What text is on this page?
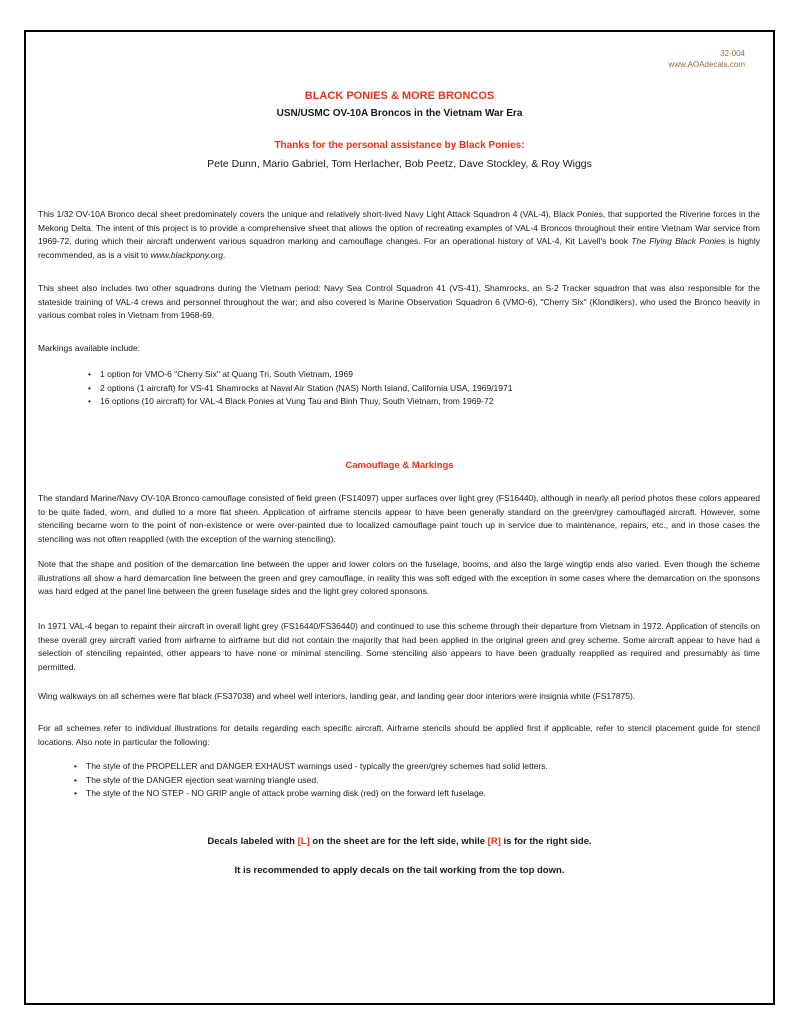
32-004
www.AOAdecals.com
BLACK PONIES & MORE BRONCOS
USN/USMC OV-10A Broncos in the Vietnam War Era
Thanks for the personal assistance by Black Ponies:
Pete Dunn, Mario Gabriel, Tom Herlacher, Bob Peetz, Dave Stockley, & Roy Wiggs

This 1/32 OV-10A Bronco decal sheet predominately covers the unique and relatively short-lived Navy Light Attack Squadron 4 (VAL-4), Black Ponies, that supported the Riverine forces in the Mekong Delta. The intent of this project is to provide a comprehensive sheet that allows the option of recreating examples of VAL-4 Broncos throughout their entire Vietnam War service from 1969-72, during which their aircraft underwent various squadron marking and camouflage changes. For an operational history of VAL-4, Kit Lavell's book The Flying Black Ponies is highly recommended, as is a visit to www.blackpony.org.

This sheet also includes two other squadrons during the Vietnam period: Navy Sea Control Squadron 41 (VS-41), Shamrocks, an S-2 Tracker squadron that was also responsible for the stateside training of VAL-4 crews and personnel throughout the war; and also covered is Marine Observation Squadron 6 (VMO-6), "Cherry Six" (Klondikers), who used the Bronco heavily in various combat roles in Vietnam from 1968-69.

Markings available include:

• 1 option for VMO-6 "Cherry Six" at Quang Tri, South Vietnam, 1969
• 2 options (1 aircraft) for VS-41 Shamrocks at Naval Air Station (NAS) North Island, California USA, 1969/1971
• 16 options (10 aircraft) for VAL-4 Black Ponies at Vung Tau and Binh Thuy, South Vietnam, from 1969-72
Camouflage & Markings

The standard Marine/Navy OV-10A Bronco camouflage consisted of field green (FS14097) upper surfaces over light grey (FS16440), although in nearly all period photos these colors appeared to be quite faded, worn, and dulled to a more flat sheen. Application of airframe stencils appear to have been generally standard on the green/grey camouflaged aircraft. However, some stenciling became worn to the point of non-existence or were over-painted due to localized camouflage paint touch up in service due to maintenance, repairs, etc., and in those cases the stenciling was not often reapplied (with the exception of the warning stenciling).

Note that the shape and position of the demarcation line between the upper and lower colors on the fuselage, booms, and also the large wingtip ends also varied. Even though the scheme illustrations all show a hard demarcation line between the green and grey camouflage, in reality this was soft edged with the exception in some cases where the demarcation on the sponsons was hard edged at the panel line between the green fuselage sides and the light grey colored sponsons.

In 1971 VAL-4 began to repaint their aircraft in overall light grey (FS16440/FS36440) and continued to use this scheme through their departure from Vietnam in 1972. Application of stencils on these overall grey aircraft varied from airframe to airframe but did not contain the majority that had been applied in the original green and grey scheme. Some aircraft appear to have had a selection of stenciling repainted, other appears to have none or minimal stenciling. Some stenciling also appears to have been gradually reapplied as required and presumably as time permitted.

Wing walkways on all schemes were flat black (FS37038) and wheel well interiors, landing gear, and landing gear door interiors were insignia white (FS17875).

For all schemes refer to individual illustrations for details regarding each specific aircraft. Airframe stencils should be applied first if applicable, refer to stencil placement guide for stencil locations. Also note in particular the following:

• The style of the PROPELLER and DANGER EXHAUST warnings used - typically the green/grey schemes had solid letters.
• The style of the DANGER ejection seat warning triangle used.
• The style of the NO STEP - NO GRIP angle of attack probe warning disk (red) on the forward left fuselage.
Decals labeled with [L] on the sheet are for the left side, while [R] is for the right side.
It is recommended to apply decals on the tail working from the top down.
